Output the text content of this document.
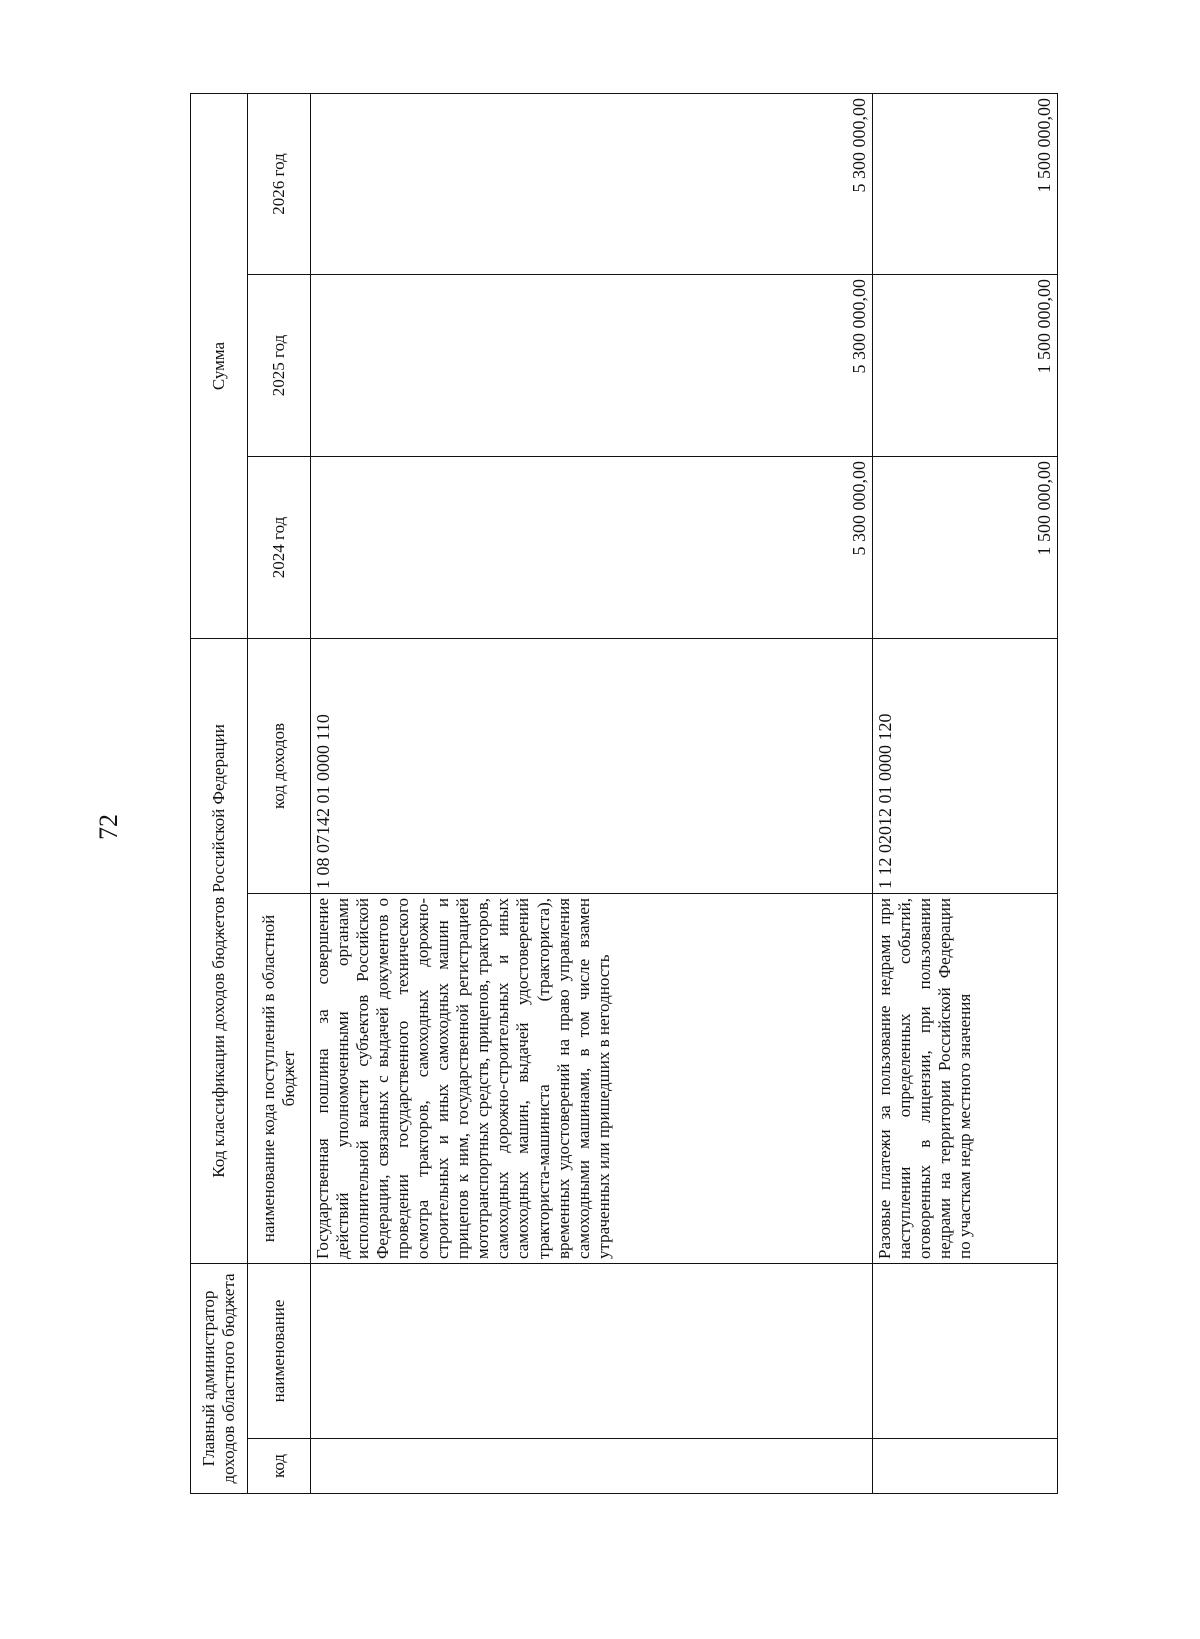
72
Главный администратор доходов областного бюджета		Код классификации доходов бюджетов Российской Федерации		Сумма		
код	наименование	наименование кода поступлений в областной бюджет	код доходов	2024 год	2025 год	2026 год
		Государственная пошлина за совершение действий уполномоченными органами исполнительной власти субъектов Российской Федерации, связанных с выдачей документов о проведении государственного технического осмотра тракторов, самоходных дорожно-строительных и иных самоходных машин и прицепов к ним, государственной регистрацией мототранспортных средств, прицепов, тракторов, самоходных дорожно-строительных и иных самоходных машин, выдачей удостоверений тракториста-машиниста (тракториста), временных удостоверений на право управления самоходными машинами, в том числе взамен утраченных или пришедших в негодность	1 08 07142 01 0000 110	5 300 000,00	5 300 000,00	5 300 000,00
		Разовые платежи за пользование недрами при наступлении определенных событий, оговоренных в лицензии, при пользовании недрами на территории Российской Федерации по участкам недр местного значения	1 12 02012 01 0000 120	1 500 000,00	1 500 000,00	1 500 000,00
